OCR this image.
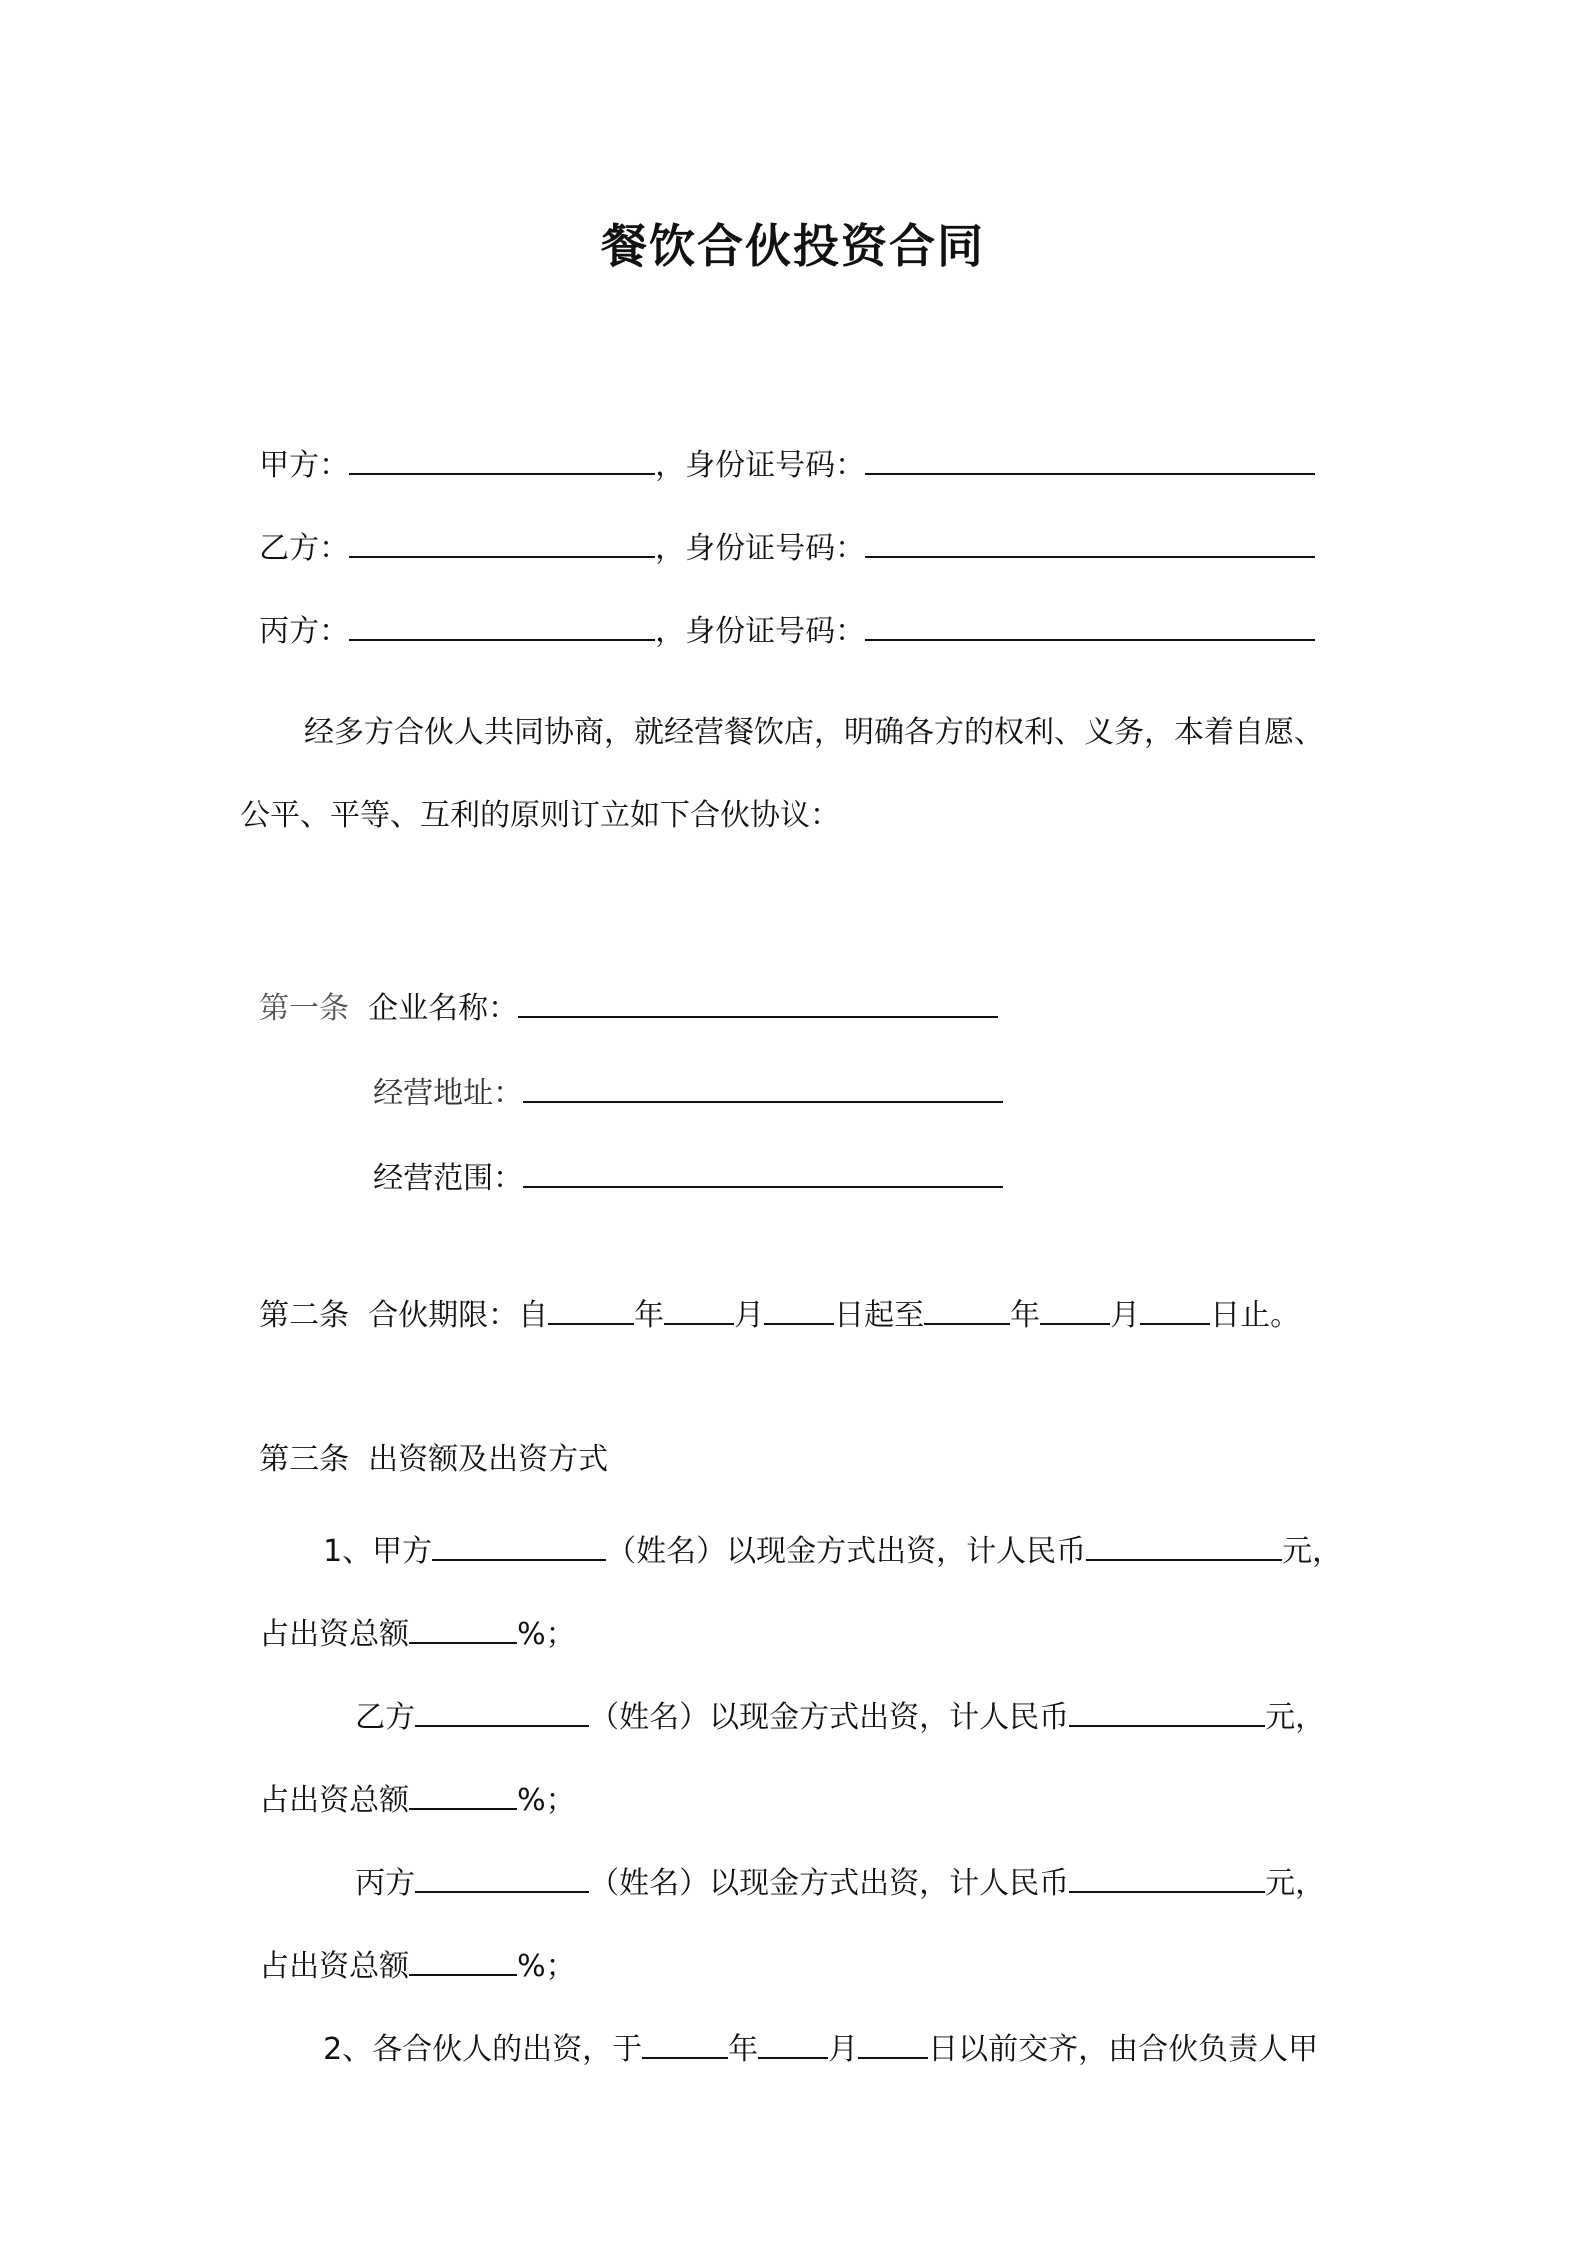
餐饮合伙投资合同

甲方：	，身份证号码：

乙方：	，身份证号码：

丙方：	，身份证号码：

经多方合伙人共同协商，就经营餐饮店，明确各方的权利、义务，本着自愿、
公平、平等、互利的原则订立如下合伙协议：

第一条 企业名称：

经营地址：

经营范围：

第二条 合伙期限：自	年 月 日起至	年 月 日止。

第三条 出资额及出资方式

1、甲方	（姓名）以现金方式出资，计人民币	元，

占出资总额	%；

乙方	（姓名）以现金方式出资，计人民币	元，

占出资总额	%；

丙方	（姓名）以现金方式出资，计人民币	元，

占出资总额	%；

2、各合伙人的出资，于	年 月 日以前交齐，由合伙负责人甲
